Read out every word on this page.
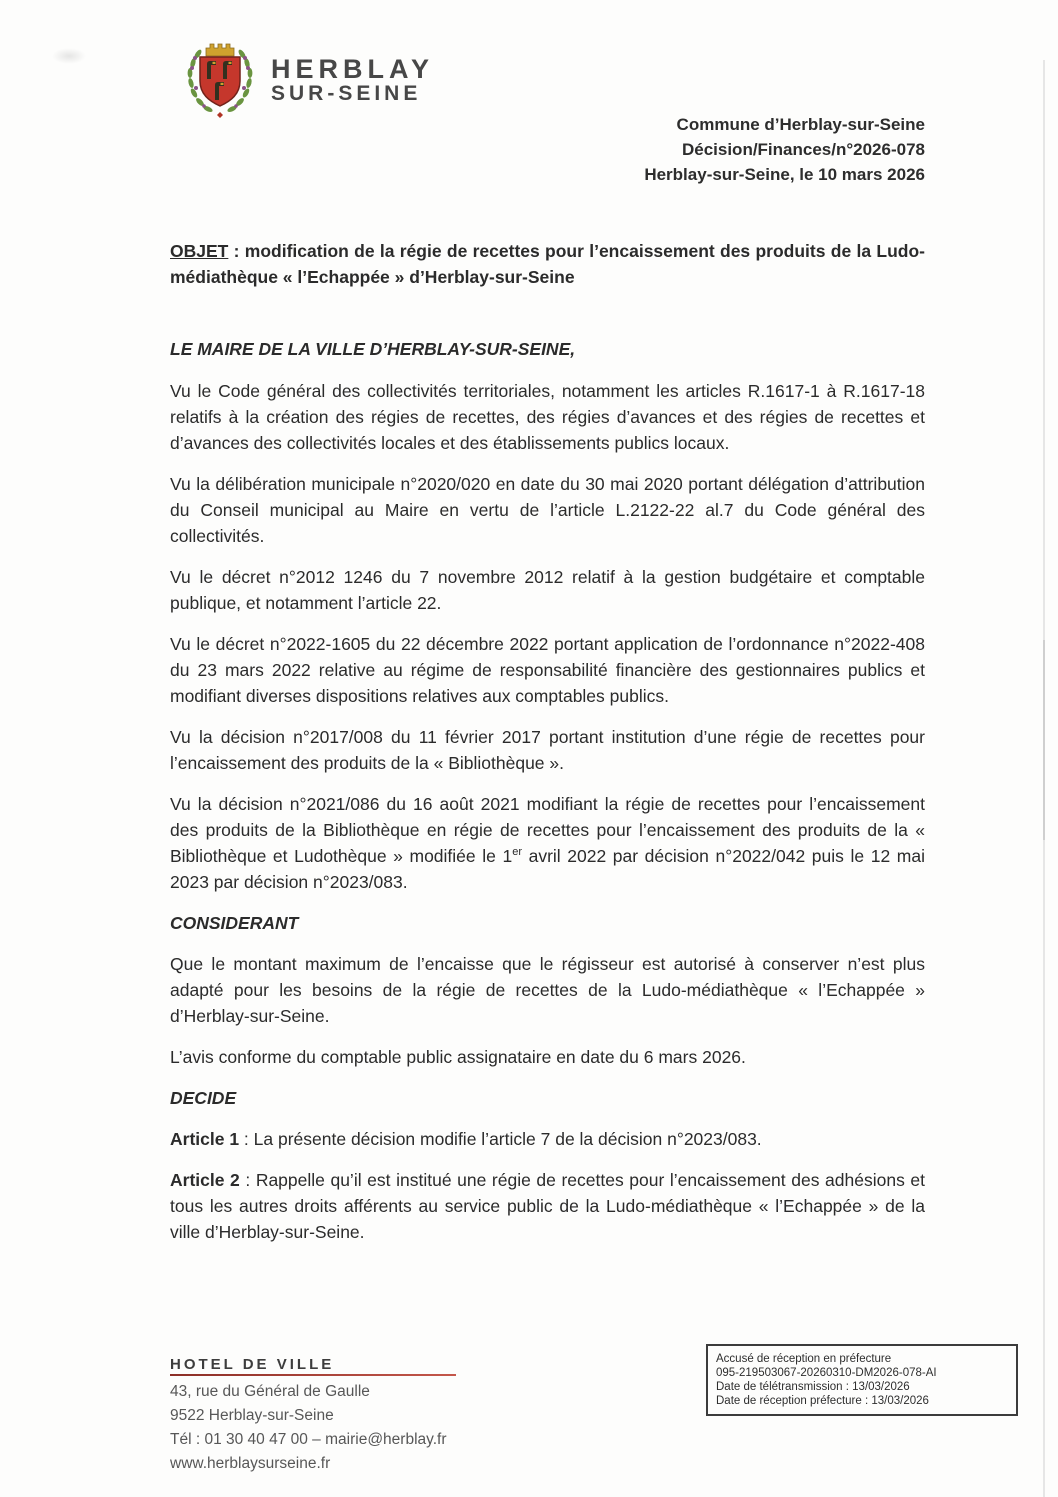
HERBLAY
SUR-SEINE
Commune d’Herblay-sur-Seine
Décision/Finances/n°2026-078
Herblay-sur-Seine, le 10 mars 2026

OBJET : modification de la régie de recettes pour l’encaissement des produits de la Ludo-médiathèque « l’Echappée » d’Herblay-sur-Seine

LE MAIRE DE LA VILLE D’HERBLAY-SUR-SEINE,

Vu le Code général des collectivités territoriales, notamment les articles R.1617-1 à R.1617-18 relatifs à la création des régies de recettes, des régies d’avances et des régies de recettes et d’avances des collectivités locales et des établissements publics locaux.

Vu la délibération municipale n°2020/020 en date du 30 mai 2020 portant délégation d’attribution du Conseil municipal au Maire en vertu de l’article L.2122-22 al.7 du Code général des collectivités.

Vu le décret n°2012 1246 du 7 novembre 2012 relatif à la gestion budgétaire et comptable publique, et notamment l’article 22.

Vu le décret n°2022-1605 du 22 décembre 2022 portant application de l’ordonnance n°2022-408 du 23 mars 2022 relative au régime de responsabilité financière des gestionnaires publics et modifiant diverses dispositions relatives aux comptables publics.

Vu la décision n°2017/008 du 11 février 2017 portant institution d’une régie de recettes pour l’encaissement des produits de la « Bibliothèque ».

Vu la décision n°2021/086 du 16 août 2021 modifiant la régie de recettes pour l’encaissement des produits de la Bibliothèque en régie de recettes pour l’encaissement des produits de la « Bibliothèque et Ludothèque » modifiée le 1er avril 2022 par décision n°2022/042 puis le 12 mai 2023 par décision n°2023/083.

CONSIDERANT

Que le montant maximum de l’encaisse que le régisseur est autorisé à conserver n’est plus adapté pour les besoins de la régie de recettes de la Ludo-médiathèque « l’Echappée » d’Herblay-sur-Seine.

L’avis conforme du comptable public assignataire en date du 6 mars 2026.

DECIDE

Article 1 : La présente décision modifie l’article 7 de la décision n°2023/083.

Article 2 : Rappelle qu’il est institué une régie de recettes pour l’encaissement des adhésions et tous les autres droits afférents au service public de la Ludo-médiathèque « l’Echappée » de la ville d’Herblay-sur-Seine.

HOTEL DE VILLE
43, rue du Général de Gaulle
9522 Herblay-sur-Seine
Tél : 01 30 40 47 00 – mairie@herblay.fr
www.herblaysurseine.fr
Accusé de réception en préfecture
095-219503067-20260310-DM2026-078-AI
Date de télétransmission : 13/03/2026
Date de réception préfecture : 13/03/2026
